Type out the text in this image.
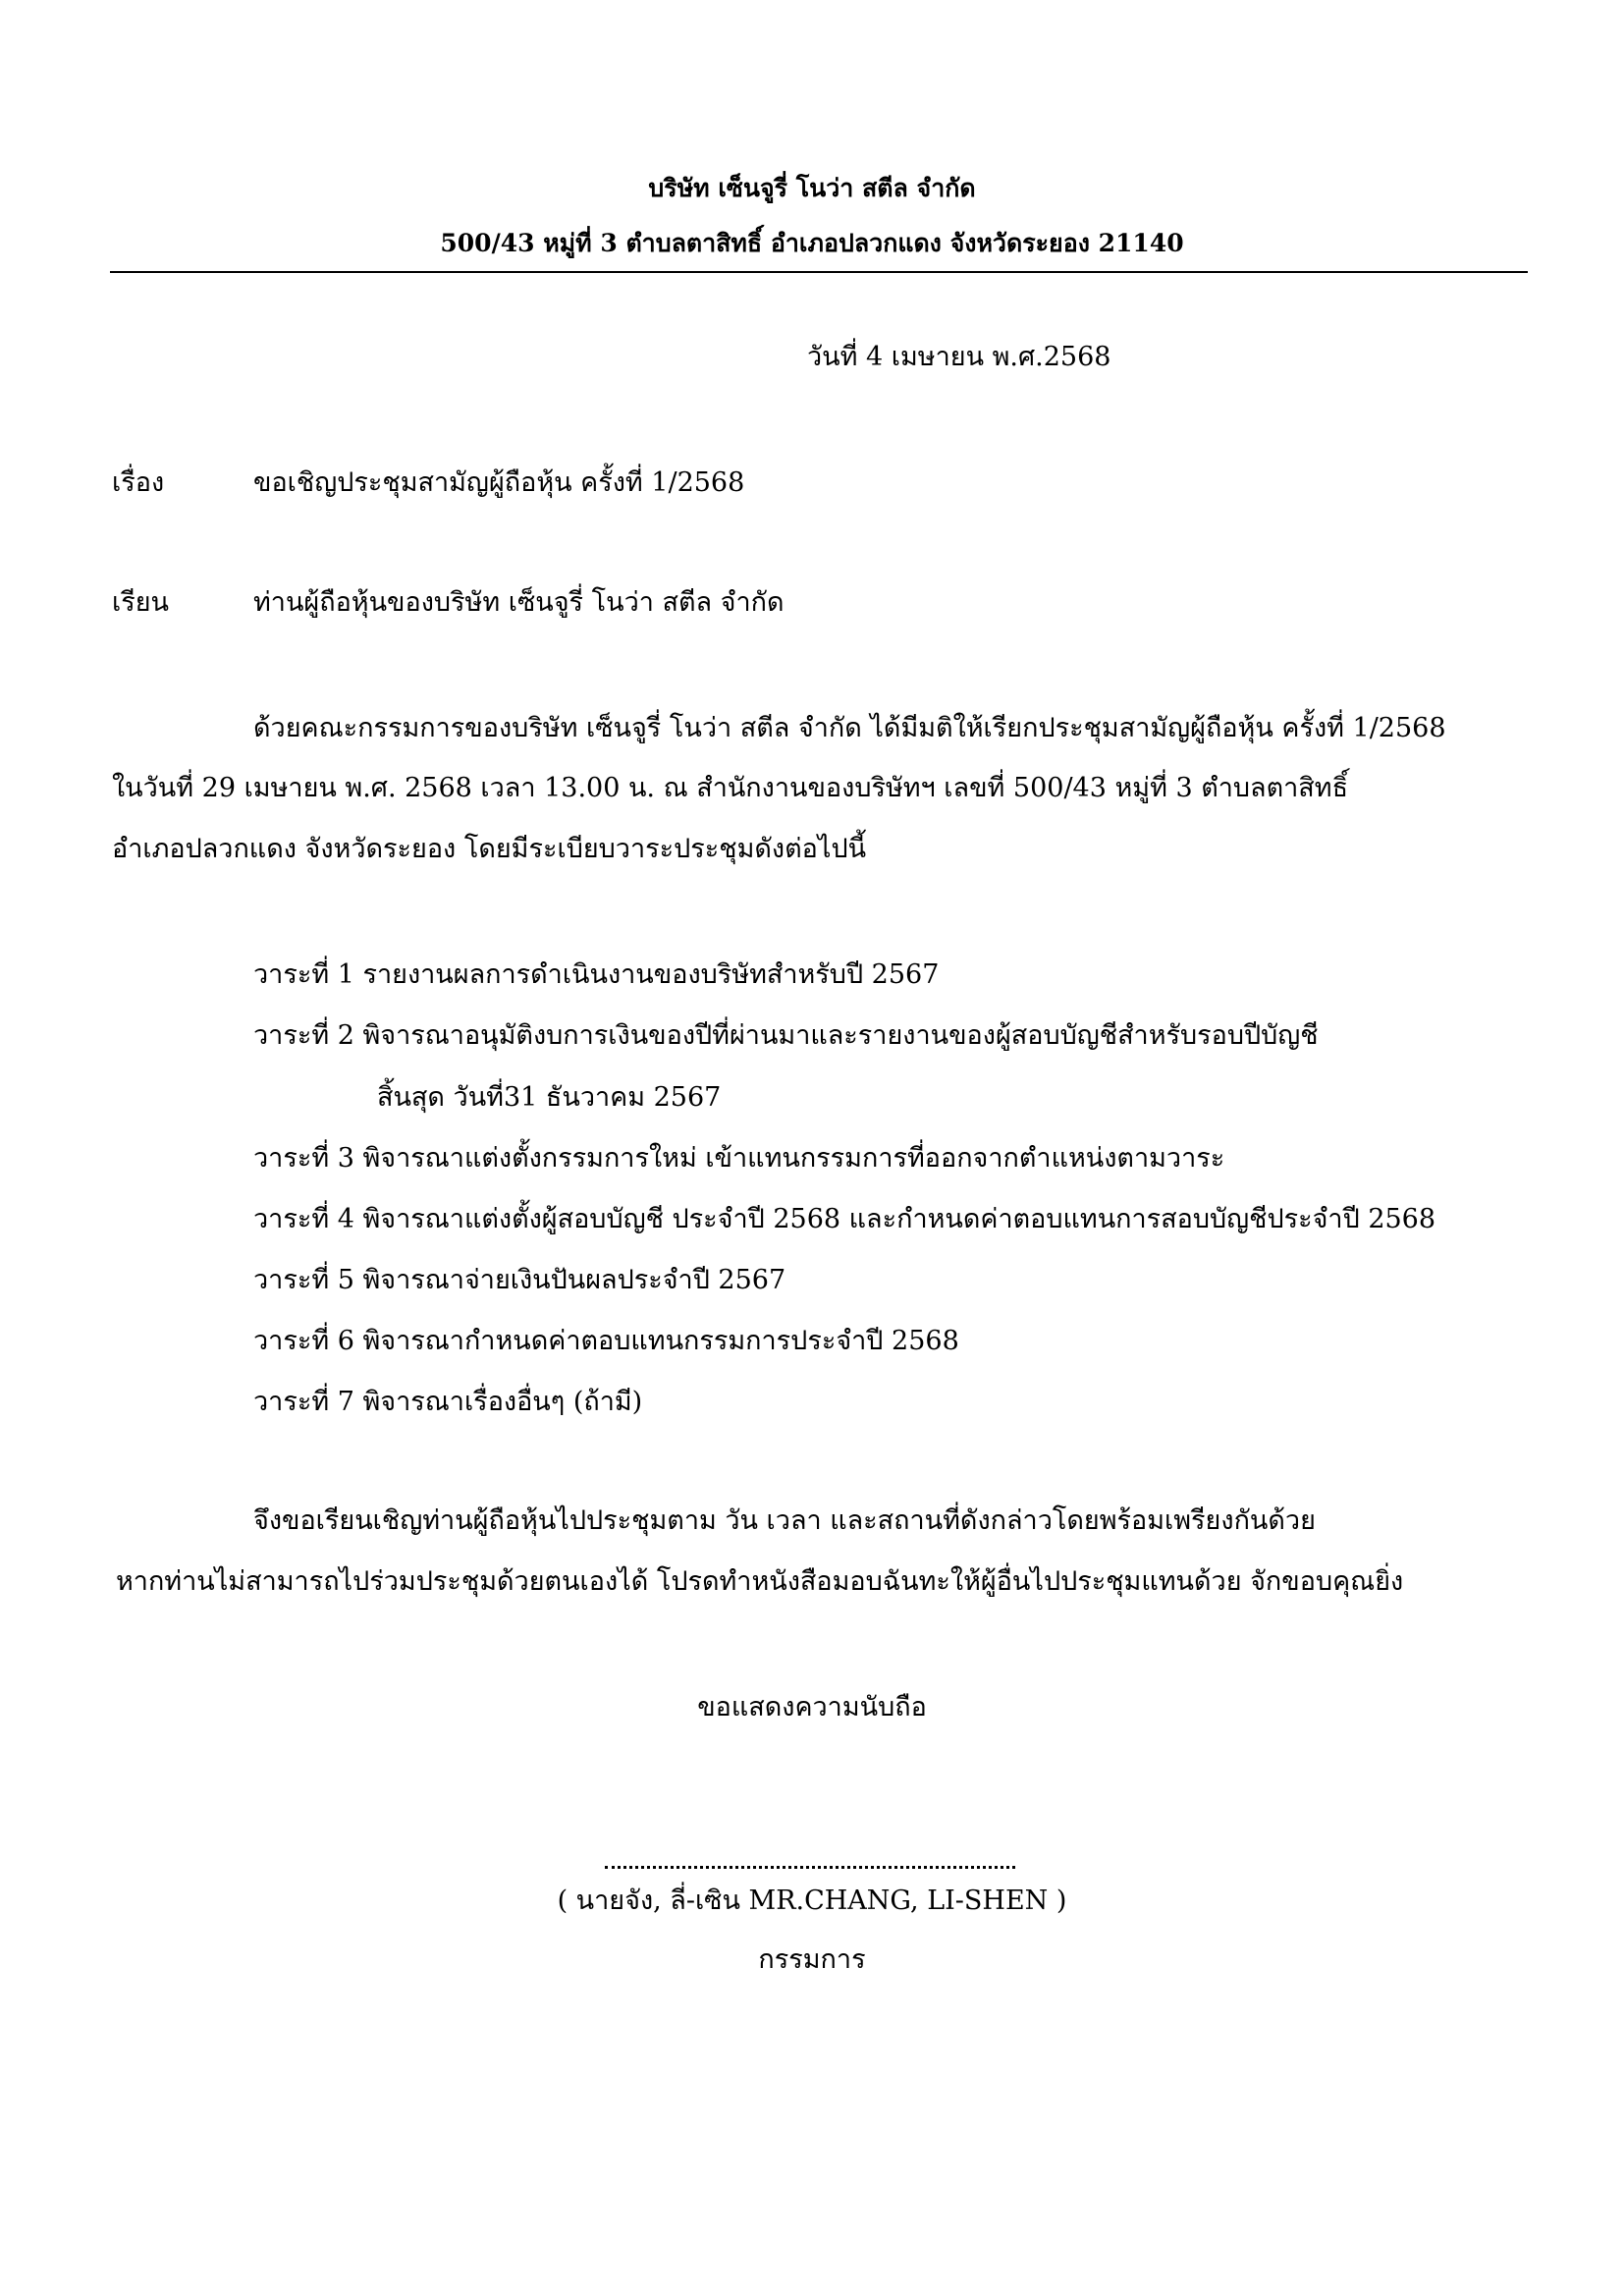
บริษัท เซ็นจูรี่ โนว่า สตีล จำกัด
500/43 หมู่ที่ 3 ตำบลตาสิทธิ์ อำเภอปลวกแดง จังหวัดระยอง 21140
วันที่ 4 เมษายน พ.ศ.2568
เรื่อง	ขอเชิญประชุมสามัญผู้ถือหุ้น ครั้งที่ 1/2568
เรียน	ท่านผู้ถือหุ้นของบริษัท เซ็นจูรี่ โนว่า สตีล จำกัด
ด้วยคณะกรรมการของบริษัท เซ็นจูรี่ โนว่า สตีล จำกัด ได้มีมติให้เรียกประชุมสามัญผู้ถือหุ้น ครั้งที่ 1/2568
ในวันที่ 29 เมษายน พ.ศ. 2568 เวลา 13.00 น. ณ สำนักงานของบริษัทฯ เลขที่ 500/43 หมู่ที่ 3 ตำบลตาสิทธิ์
อำเภอปลวกแดง จังหวัดระยอง โดยมีระเบียบวาระประชุมดังต่อไปนี้
วาระที่ 1 รายงานผลการดำเนินงานของบริษัทสำหรับปี 2567
วาระที่ 2 พิจารณาอนุมัติงบการเงินของปีที่ผ่านมาและรายงานของผู้สอบบัญชีสำหรับรอบปีบัญชี
สิ้นสุด วันที่31 ธันวาคม 2567
วาระที่ 3 พิจารณาแต่งตั้งกรรมการใหม่ เข้าแทนกรรมการที่ออกจากตำแหน่งตามวาระ
วาระที่ 4 พิจารณาแต่งตั้งผู้สอบบัญชี ประจำปี 2568 และกำหนดค่าตอบแทนการสอบบัญชีประจำปี 2568
วาระที่ 5 พิจารณาจ่ายเงินปันผลประจำปี 2567
วาระที่ 6 พิจารณากำหนดค่าตอบแทนกรรมการประจำปี 2568
วาระที่ 7 พิจารณาเรื่องอื่นๆ (ถ้ามี)
จึงขอเรียนเชิญท่านผู้ถือหุ้นไปประชุมตาม วัน เวลา และสถานที่ดังกล่าวโดยพร้อมเพรียงกันด้วย
หากท่านไม่สามารถไปร่วมประชุมด้วยตนเองได้ โปรดทำหนังสือมอบฉันทะให้ผู้อื่นไปประชุมแทนด้วย จักขอบคุณยิ่ง
ขอแสดงความนับถือ
( นายจัง, ลี่-เซิน MR.CHANG, LI-SHEN )
กรรมการ
